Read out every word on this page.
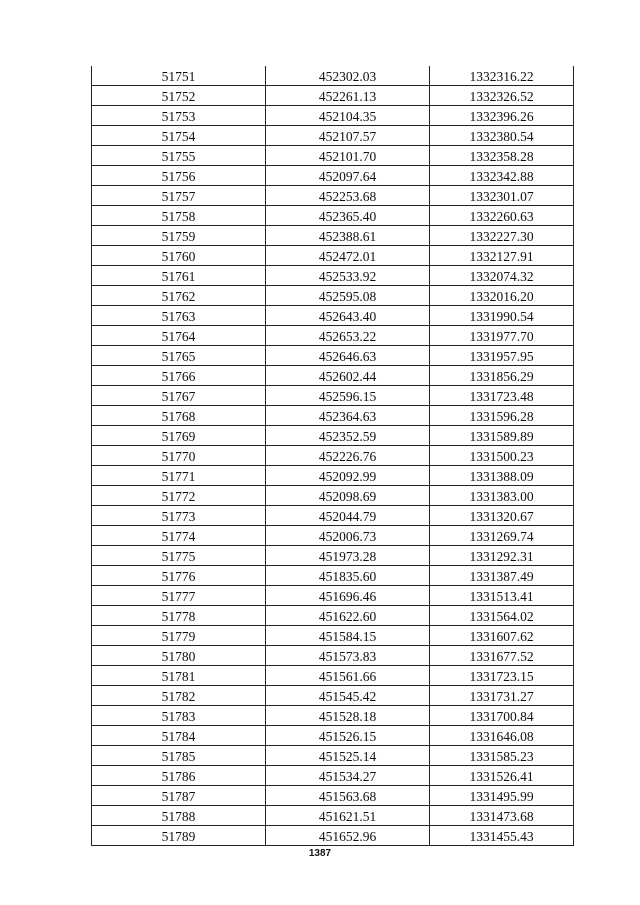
51751	452302.03	1332316.22
51752	452261.13	1332326.52
51753	452104.35	1332396.26
51754	452107.57	1332380.54
51755	452101.70	1332358.28
51756	452097.64	1332342.88
51757	452253.68	1332301.07
51758	452365.40	1332260.63
51759	452388.61	1332227.30
51760	452472.01	1332127.91
51761	452533.92	1332074.32
51762	452595.08	1332016.20
51763	452643.40	1331990.54
51764	452653.22	1331977.70
51765	452646.63	1331957.95
51766	452602.44	1331856.29
51767	452596.15	1331723.48
51768	452364.63	1331596.28
51769	452352.59	1331589.89
51770	452226.76	1331500.23
51771	452092.99	1331388.09
51772	452098.69	1331383.00
51773	452044.79	1331320.67
51774	452006.73	1331269.74
51775	451973.28	1331292.31
51776	451835.60	1331387.49
51777	451696.46	1331513.41
51778	451622.60	1331564.02
51779	451584.15	1331607.62
51780	451573.83	1331677.52
51781	451561.66	1331723.15
51782	451545.42	1331731.27
51783	451528.18	1331700.84
51784	451526.15	1331646.08
51785	451525.14	1331585.23
51786	451534.27	1331526.41
51787	451563.68	1331495.99
51788	451621.51	1331473.68
51789	451652.96	1331455.43
1387
